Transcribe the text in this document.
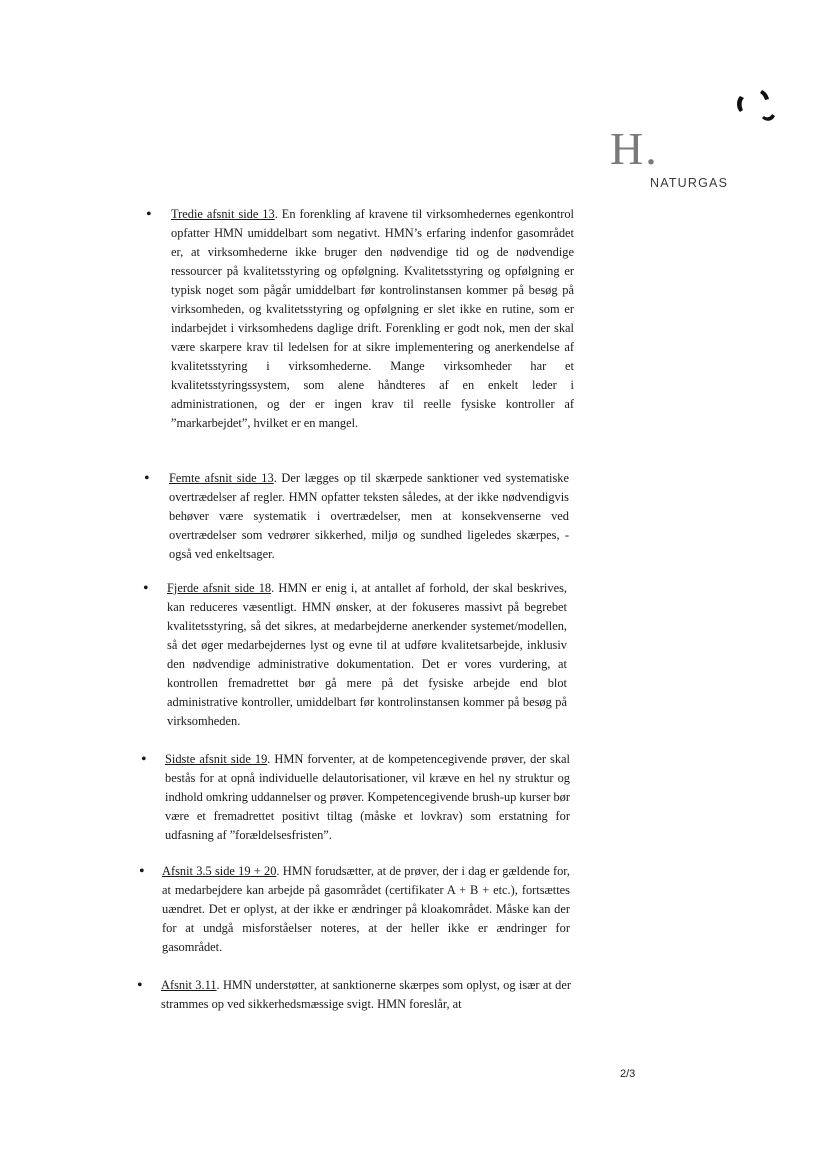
H.
NATURGAS
• Tredie afsnit side 13. En forenkling af kravene til virksomhedernes egenkontrol opfatter HMN umiddelbart som negativt. HMN’s erfaring indenfor gasområdet er, at virksomhederne ikke bruger den nødvendige tid og de nødvendige ressourcer på kvalitetsstyring og opfølgning. Kvalitetsstyring og opfølgning er typisk noget som pågår umiddelbart før kontrolinstansen kommer på besøg på virksomheden, og kvalitetsstyring og opfølgning er slet ikke en rutine, som er indarbejdet i virksomhedens daglige drift. Forenkling er godt nok, men der skal være skarpere krav til ledelsen for at sikre implementering og anerkendelse af kvalitetsstyring i virksomhederne. Mange virksomheder har et kvalitetsstyringssystem, som alene håndteres af en enkelt leder i administrationen, og der er ingen krav til reelle fysiske kontroller af ”markarbejdet”, hvilket er en mangel.
• Femte afsnit side 13. Der lægges op til skærpede sanktioner ved systematiske overtrædelser af regler. HMN opfatter teksten således, at der ikke nødvendigvis behøver være systematik i overtrædelser, men at konsekvenserne ved overtrædelser som vedrører sikkerhed, miljø og sundhed ligeledes skærpes, - også ved enkeltsager.
• Fjerde afsnit side 18. HMN er enig i, at antallet af forhold, der skal beskrives, kan reduceres væsentligt. HMN ønsker, at der fokuseres massivt på begrebet kvalitetsstyring, så det sikres, at medarbejderne anerkender systemet/modellen, så det øger medarbejdernes lyst og evne til at udføre kvalitetsarbejde, inklusiv den nødvendige administrative dokumentation. Det er vores vurdering, at kontrollen fremadrettet bør gå mere på det fysiske arbejde end blot administrative kontroller, umiddelbart før kontrolinstansen kommer på besøg på virksomheden.
• Sidste afsnit side 19. HMN forventer, at de kompetencegivende prøver, der skal bestås for at opnå individuelle delautorisationer, vil kræve en hel ny struktur og indhold omkring uddannelser og prøver. Kompetencegivende brush-up kurser bør være et fremadrettet positivt tiltag (måske et lovkrav) som erstatning for udfasning af ”forældelsesfristen”.
• Afsnit 3.5 side 19 + 20. HMN forudsætter, at de prøver, der i dag er gældende for, at medarbejdere kan arbejde på gasområdet (certifikater A + B + etc.), fortsættes uændret. Det er oplyst, at der ikke er ændringer på kloakområdet. Måske kan der for at undgå misforståelser noteres, at der heller ikke er ændringer for gasområdet.
• Afsnit 3.11. HMN understøtter, at sanktionerne skærpes som oplyst, og især at der strammes op ved sikkerhedsmæssige svigt. HMN foreslår, at
2/3
